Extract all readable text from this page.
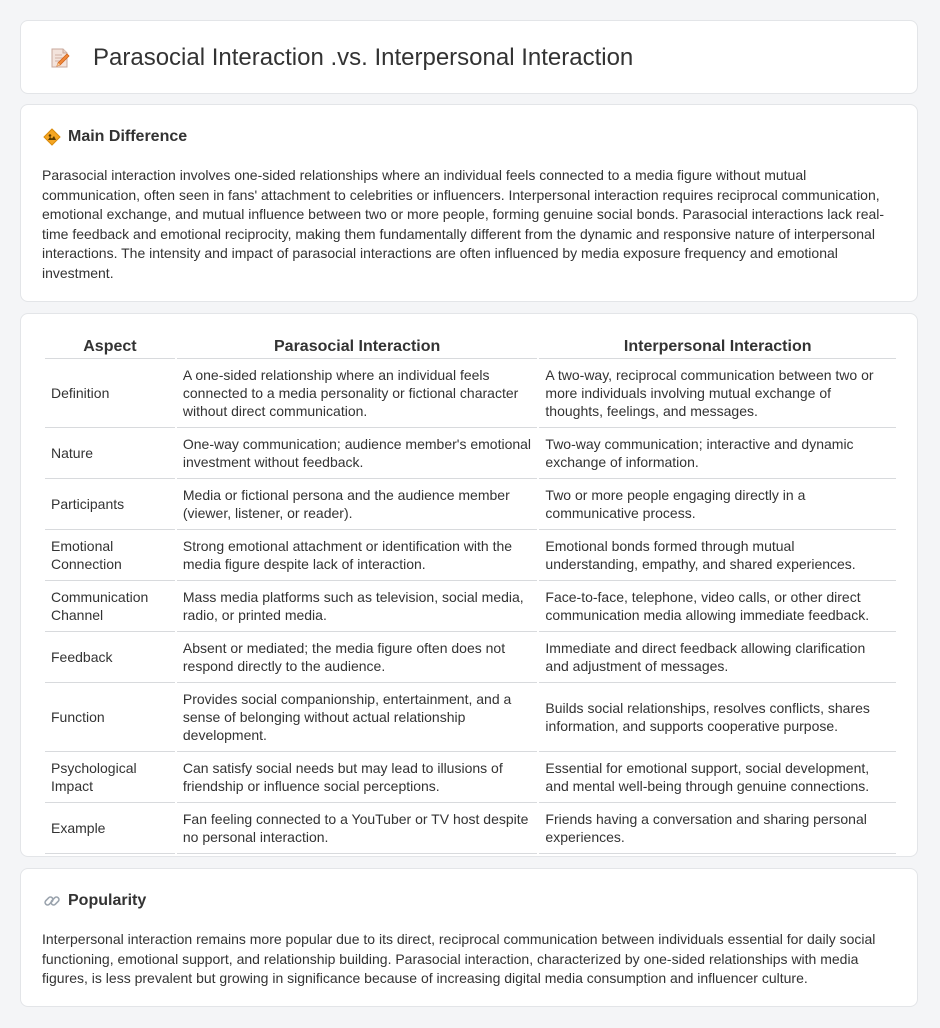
Parasocial Interaction .vs. Interpersonal Interaction
Main Difference

Parasocial interaction involves one-sided relationships where an individual feels connected to a media figure without mutual communication, often seen in fans' attachment to celebrities or influencers. Interpersonal interaction requires reciprocal communication, emotional exchange, and mutual influence between two or more people, forming genuine social bonds. Parasocial interactions lack real-time feedback and emotional reciprocity, making them fundamentally different from the dynamic and responsive nature of interpersonal interactions. The intensity and impact of parasocial interactions are often influenced by media exposure frequency and emotional investment.

Aspect	Parasocial Interaction	Interpersonal Interaction
Definition	A one-sided relationship where an individual feels connected to a media personality or fictional character without direct communication.	A two-way, reciprocal communication between two or more individuals involving mutual exchange of thoughts, feelings, and messages.
Nature	One-way communication; audience member's emotional investment without feedback.	Two-way communication; interactive and dynamic exchange of information.
Participants	Media or fictional persona and the audience member (viewer, listener, or reader).	Two or more people engaging directly in a communicative process.
Emotional Connection	Strong emotional attachment or identification with the media figure despite lack of interaction.	Emotional bonds formed through mutual understanding, empathy, and shared experiences.
Communication Channel	Mass media platforms such as television, social media, radio, or printed media.	Face-to-face, telephone, video calls, or other direct communication media allowing immediate feedback.
Feedback	Absent or mediated; the media figure often does not respond directly to the audience.	Immediate and direct feedback allowing clarification and adjustment of messages.
Function	Provides social companionship, entertainment, and a sense of belonging without actual relationship development.	Builds social relationships, resolves conflicts, shares information, and supports cooperative purpose.
Psychological Impact	Can satisfy social needs but may lead to illusions of friendship or influence social perceptions.	Essential for emotional support, social development, and mental well-being through genuine connections.
Example	Fan feeling connected to a YouTuber or TV host despite no personal interaction.	Friends having a conversation and sharing personal experiences.
Popularity

Interpersonal interaction remains more popular due to its direct, reciprocal communication between individuals essential for daily social functioning, emotional support, and relationship building. Parasocial interaction, characterized by one-sided relationships with media figures, is less prevalent but growing in significance because of increasing digital media consumption and influencer culture.
